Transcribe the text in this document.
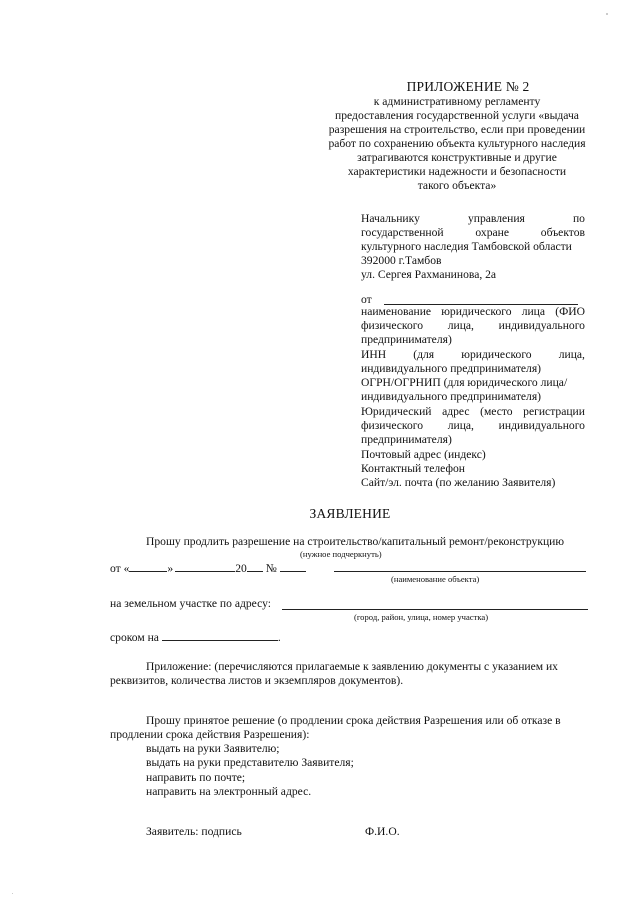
ПРИЛОЖЕНИЕ № 2
к административному регламенту
предоставления государственной услуги «выдача
разрешения на строительство, если при проведении
работ по сохранению объекта культурного наследия
затрагиваются конструктивные и другие
характеристики надежности и безопасности
такого объекта»
Начальнику	управления	по
государственной	охране	объектов
культурного наследия Тамбовской области
392000 г.Тамбов
ул. Сергея Рахманинова, 2а
от
наименование юридического лица (ФИО
физического лица, индивидуального
предпринимателя)
ИНН (для юридического лица,
индивидуального предпринимателя)
ОГРН/ОГРНИП (для юридического лица/
индивидуального предпринимателя)
Юридический адрес (место регистрации
физического лица, индивидуального
предпринимателя)
Почтовый адрес (индекс)
Контактный телефон
Сайт/эл. почта (по желанию Заявителя)
ЗАЯВЛЕНИЕ
Прошу продлить разрешение на строительство/капитальный ремонт/реконструкцию
(нужное подчеркнуть)
от «	»	20 №
(наименование объекта)
на земельном участке по адресу:
(город, район, улица, номер участка)
сроком на	.
Приложение: (перечисляются прилагаемые к заявлению документы с указанием их
реквизитов, количества листов и экземпляров документов).
Прошу принятое решение (о продлении срока действия Разрешения или об отказе в
продлении срока действия Разрешения):
выдать на руки Заявителю;
выдать на руки представителю Заявителя;
направить по почте;
направить на электронный адрес.
Заявитель: подпись	Ф.И.О.
